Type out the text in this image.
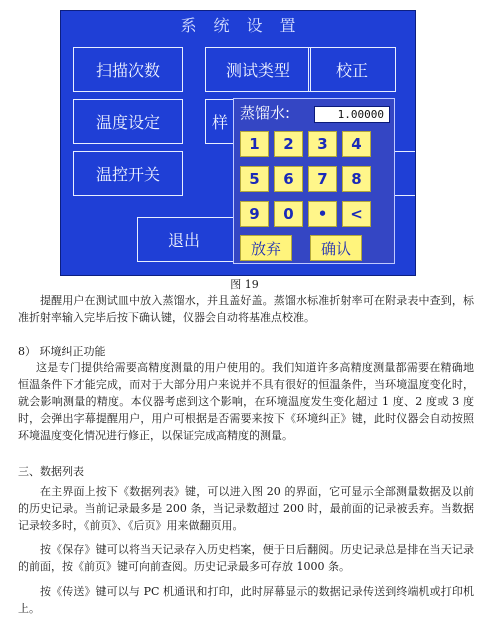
系统设置
扫描次数	测试类型	校正
温度设定	样
温控开关
退出
蒸馏水:	1.00000
1	2	3	4
5	6	7	8
9	0	•	<
放弃	确认
图 19

提醒用户在测试皿中放入蒸馏水，并且盖好盖。蒸馏水标准折射率可在附录表中查到，标准折射率输入完毕后按下确认键，仪器会自动将基准点校准。

8） 环境纠正功能

这是专门提供给需要高精度测量的用户使用的。我们知道许多高精度测量都需要在精确地恒温条件下才能完成，而对于大部分用户来说并不具有很好的恒温条件，当环境温度变化时，就会影响测量的精度。本仪器考虑到这个影响，在环境温度发生变化超过 1 度、2 度或 3 度时，会弹出字幕提醒用户，用户可根据是否需要来按下《环境纠正》键，此时仪器会自动按照环境温度变化情况进行修正，以保证完成高精度的测量。

三、数据列表

在主界面上按下《数据列表》键，可以进入图 20 的界面，它可显示全部测量数据及以前的历史记录。当前记录最多是 200 条，当记录数超过 200 时，最前面的记录被丢弃。当数据记录较多时，《前页》、《后页》用来做翻页用。

按《保存》键可以将当天记录存入历史档案，便于日后翻阅。历史记录总是排在当天记录的前面，按《前页》键可向前查阅。历史记录最多可存放 1000 条。

按《传送》键可以与 PC 机通讯和打印，此时屏幕显示的数据记录传送到终端机或打印机上。
